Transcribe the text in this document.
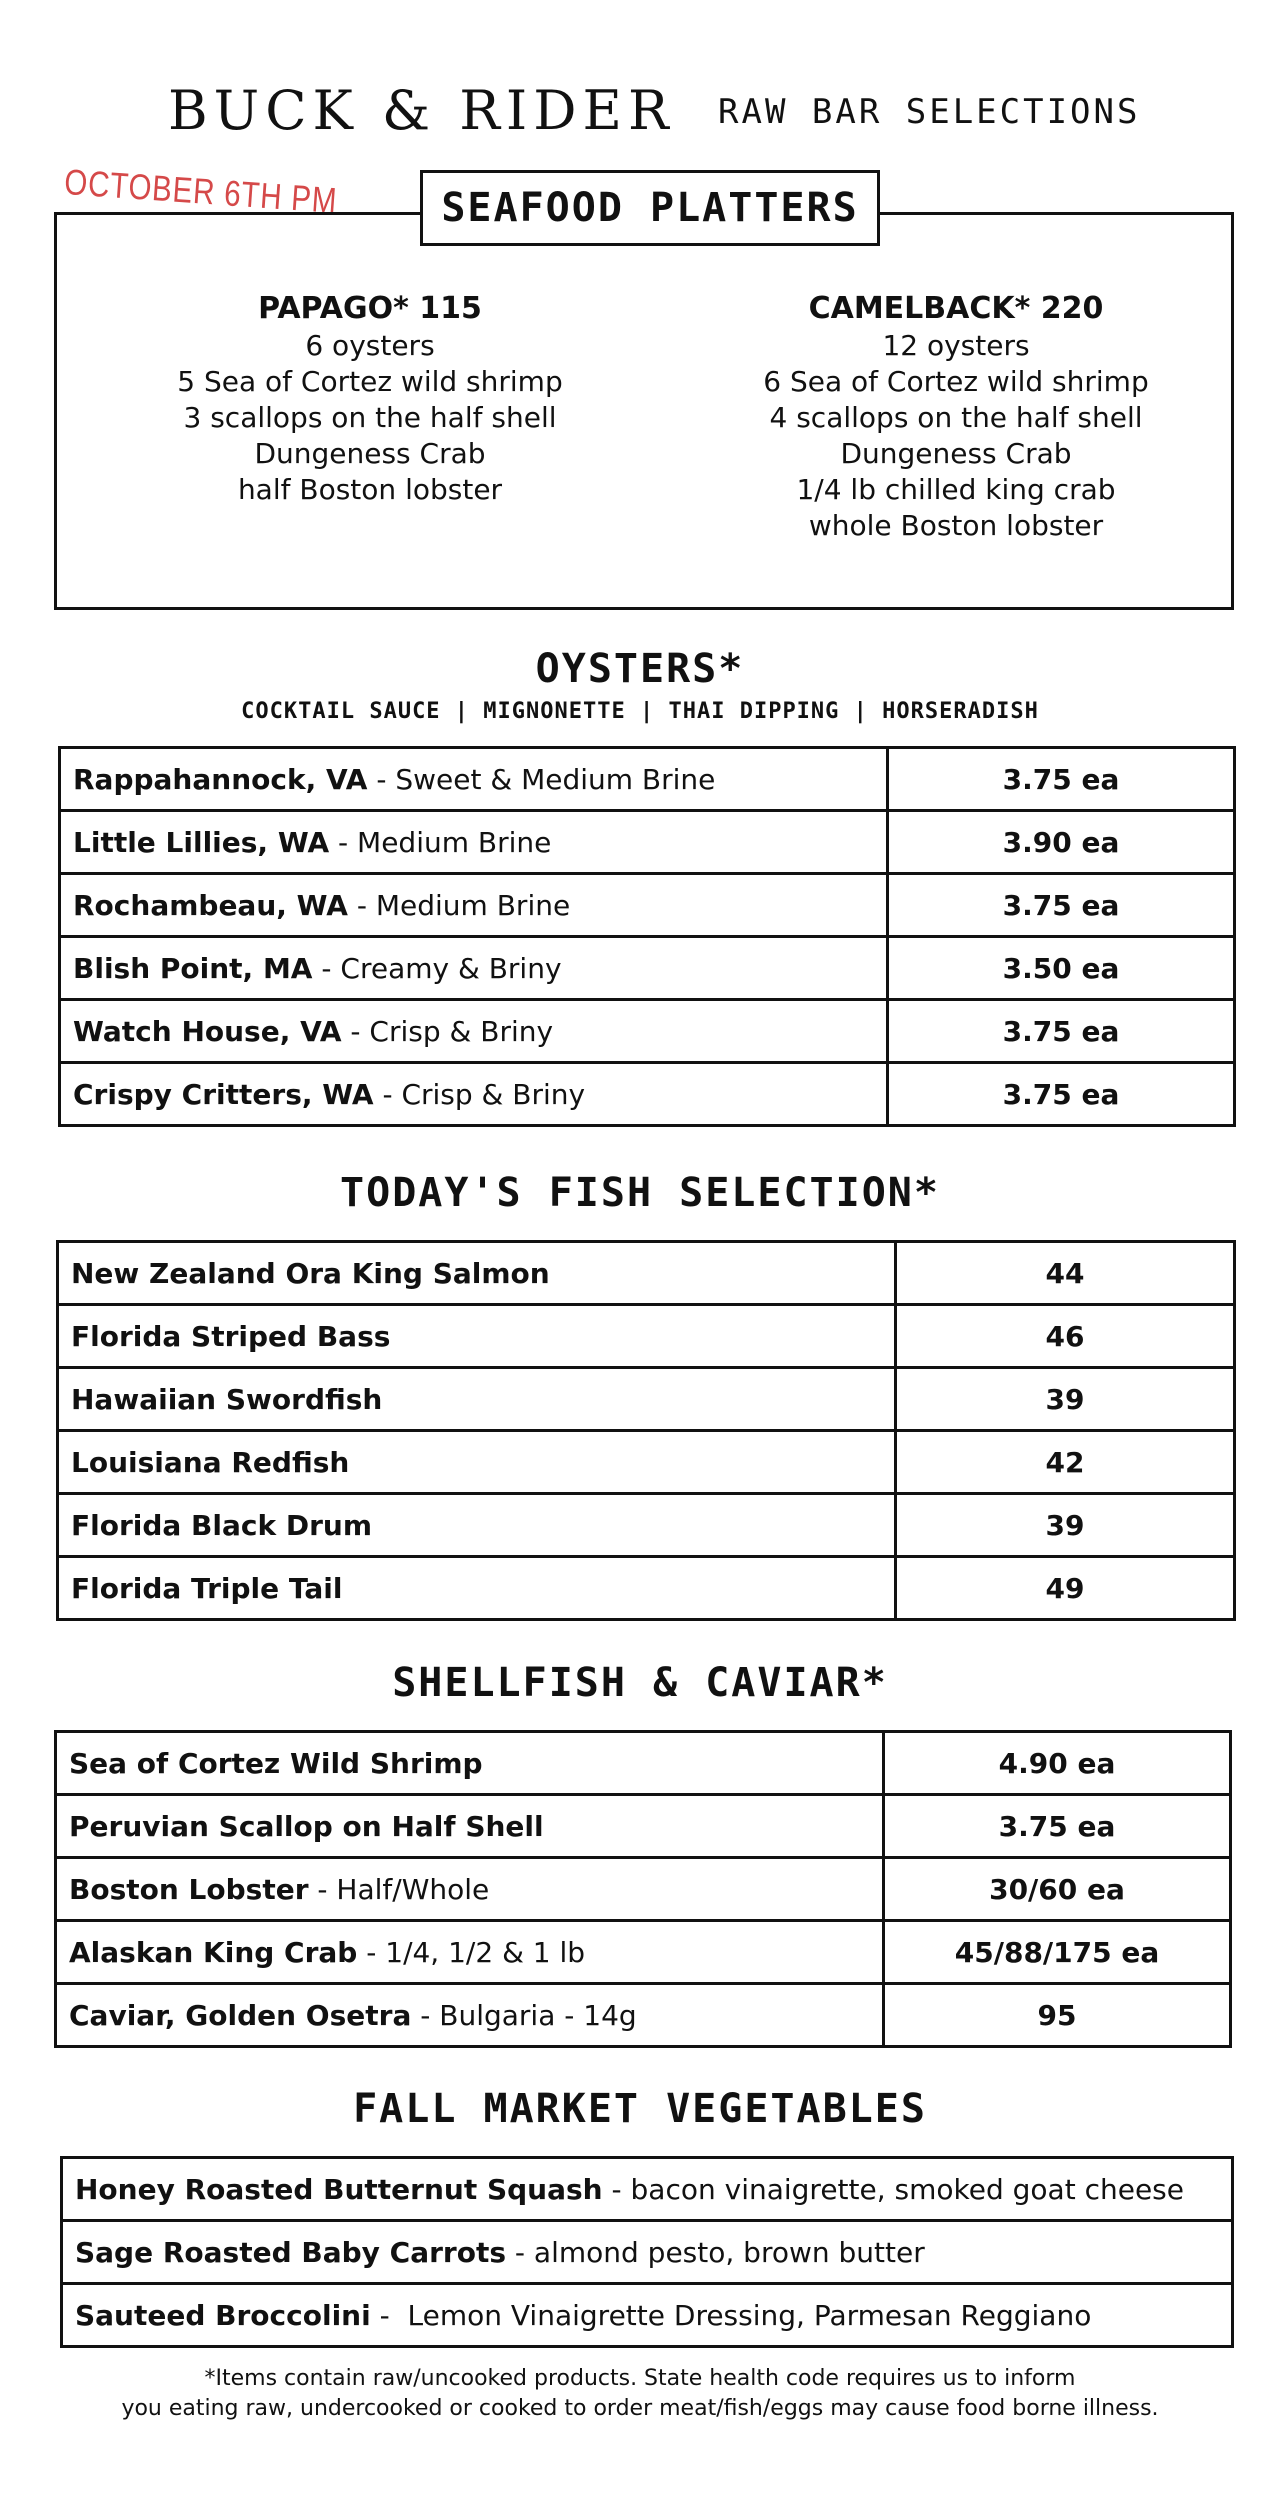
BUCK & RIDER RAW BAR SELECTIONS
OCTOBER 6TH PM	SEAFOOD PLATTERS
PAPAGO* 115
6 oysters
5 Sea of Cortez wild shrimp
3 scallops on the half shell
Dungeness Crab
half Boston lobster
CAMELBACK* 220
12 oysters
6 Sea of Cortez wild shrimp
4 scallops on the half shell
Dungeness Crab
1/4 lb chilled king crab
whole Boston lobster
OYSTERS*
COCKTAIL SAUCE | MIGNONETTE | THAI DIPPING | HORSERADISH
Rappahannock, VA - Sweet & Medium Brine	3.75 ea
Little Lillies, WA - Medium Brine	3.90 ea
Rochambeau, WA - Medium Brine	3.75 ea
Blish Point, MA - Creamy & Briny	3.50 ea
Watch House, VA - Crisp & Briny	3.75 ea
Crispy Critters, WA - Crisp & Briny	3.75 ea
TODAY'S FISH SELECTION*
New Zealand Ora King Salmon	44
Florida Striped Bass	46
Hawaiian Swordfish	39
Louisiana Redfish	42
Florida Black Drum	39
Florida Triple Tail	49
SHELLFISH & CAVIAR*
Sea of Cortez Wild Shrimp	4.90 ea
Peruvian Scallop on Half Shell	3.75 ea
Boston Lobster - Half/Whole	30/60 ea
Alaskan King Crab - 1/4, 1/2 & 1 lb	45/88/175 ea
Caviar, Golden Osetra - Bulgaria - 14g	95
FALL MARKET VEGETABLES
Honey Roasted Butternut Squash - bacon vinaigrette, smoked goat cheese
Sage Roasted Baby Carrots - almond pesto, brown butter
Sauteed Broccolini -  Lemon Vinaigrette Dressing, Parmesan Reggiano
*Items contain raw/uncooked products. State health code requires us to inform
you eating raw, undercooked or cooked to order meat/fish/eggs may cause food borne illness.
